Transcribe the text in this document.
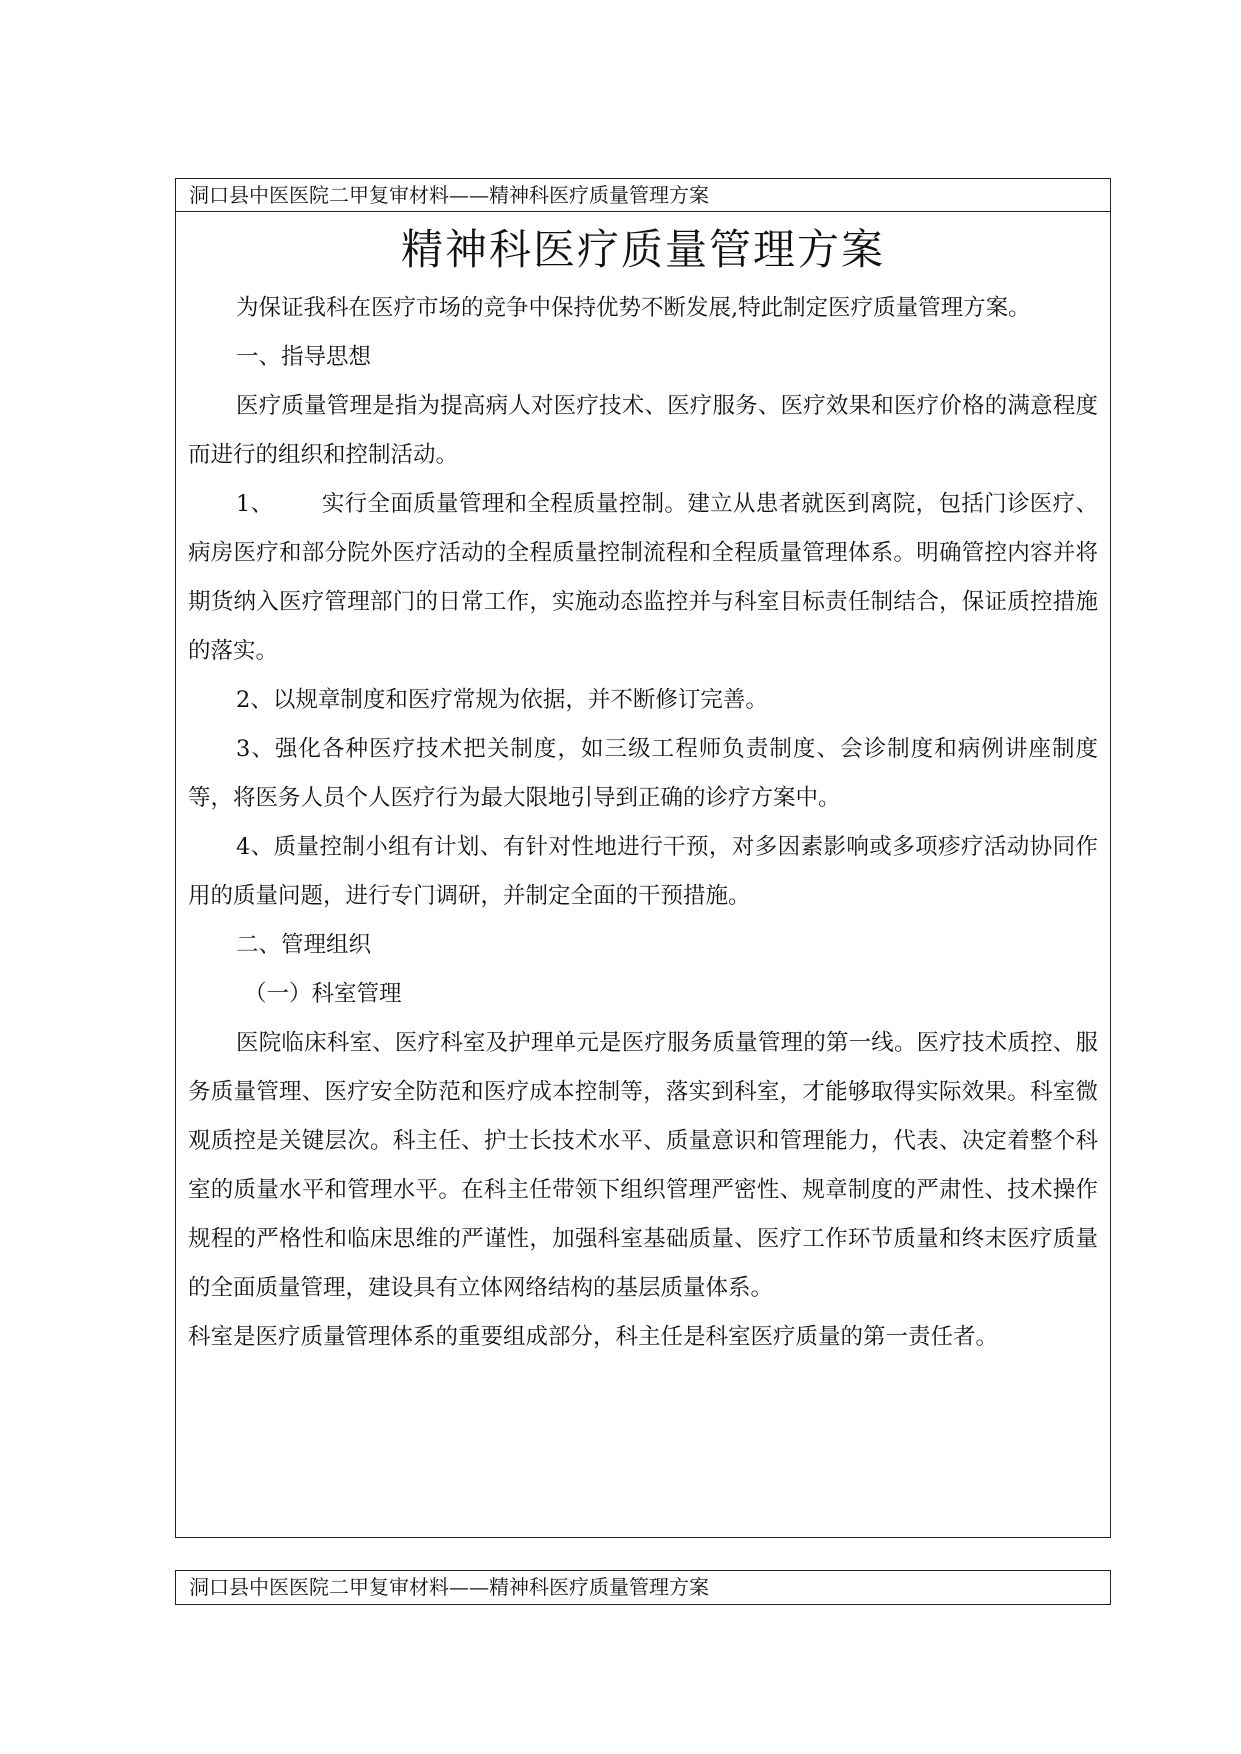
洞口县中医医院二甲复审材料——精神科医疗质量管理方案
精神科医疗质量管理方案

为保证我科在医疗市场的竞争中保持优势不断发展,特此制定医疗质量管理方案。

一、指导思想

医疗质量管理是指为提高病人对医疗技术、医疗服务、医疗效果和医疗价格的满意程度而进行的组织和控制活动。

1、 实行全面质量管理和全程质量控制。建立从患者就医到离院，包括门诊医疗、病房医疗和部分院外医疗活动的全程质量控制流程和全程质量管理体系。明确管控内容并将期货纳入医疗管理部门的日常工作，实施动态监控并与科室目标责任制结合，保证质控措施的落实。

2、以规章制度和医疗常规为依据，并不断修订完善。

3、强化各种医疗技术把关制度，如三级工程师负责制度、会诊制度和病例讲座制度等，将医务人员个人医疗行为最大限地引导到正确的诊疗方案中。

4、质量控制小组有计划、有针对性地进行干预，对多因素影响或多项疹疗活动协同作用的质量问题，进行专门调研，并制定全面的干预措施。

二、管理组织

（一）科室管理

医院临床科室、医疗科室及护理单元是医疗服务质量管理的第一线。医疗技术质控、服务质量管理、医疗安全防范和医疗成本控制等，落实到科室，才能够取得实际效果。科室微观质控是关键层次。科主任、护士长技术水平、质量意识和管理能力，代表、决定着整个科室的质量水平和管理水平。在科主任带领下组织管理严密性、规章制度的严肃性、技术操作规程的严格性和临床思维的严谨性，加强科室基础质量、医疗工作环节质量和终末医疗质量的全面质量管理，建设具有立体网络结构的基层质量体系。

科室是医疗质量管理体系的重要组成部分，科主任是科室医疗质量的第一责任者。

洞口县中医医院二甲复审材料——精神科医疗质量管理方案
